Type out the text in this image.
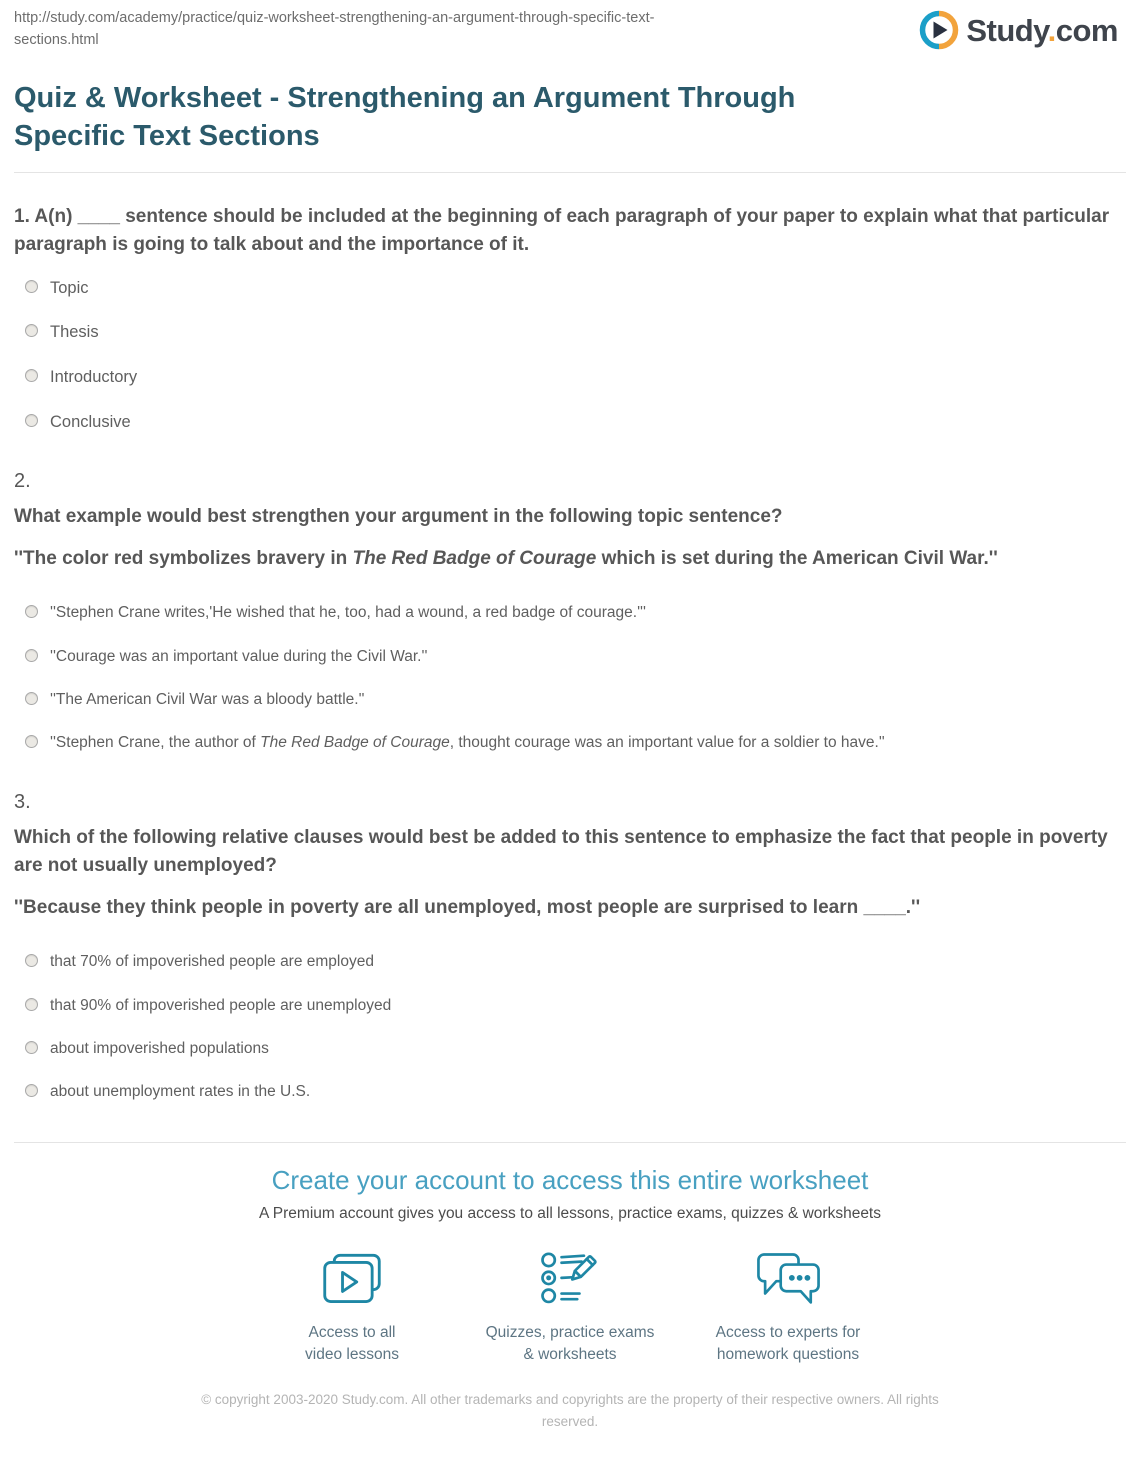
http://study.com/academy/practice/quiz-worksheet-strengthening-an-argument-through-specific-text-sections.html	Study.com
Quiz & Worksheet - Strengthening an Argument Through Specific Text Sections

1. A(n) ____ sentence should be included at the beginning of each paragraph of your paper to explain what that particular paragraph is going to talk about and the importance of it.

Topic
Thesis
Introductory
Conclusive

2.

What example would best strengthen your argument in the following topic sentence?

''The color red symbolizes bravery in The Red Badge of Courage which is set during the American Civil War.''

''Stephen Crane writes,'He wished that he, too, had a wound, a red badge of courage.'''
''Courage was an important value during the Civil War.''
''The American Civil War was a bloody battle.''
''Stephen Crane, the author of The Red Badge of Courage, thought courage was an important value for a soldier to have.''

3.

Which of the following relative clauses would best be added to this sentence to emphasize the fact that people in poverty are not usually unemployed?

''Because they think people in poverty are all unemployed, most people are surprised to learn ____.''

that 70% of impoverished people are employed
that 90% of impoverished people are unemployed
about impoverished populations
about unemployment rates in the U.S.
Create your account to access this entire worksheet

A Premium account gives you access to all lessons, practice exams, quizzes & worksheets

Access to all
video lessons
Quizzes, practice exams
& worksheets
Access to experts for
homework questions
© copyright 2003-2020 Study.com. All other trademarks and copyrights are the property of their respective owners. All rights reserved.
